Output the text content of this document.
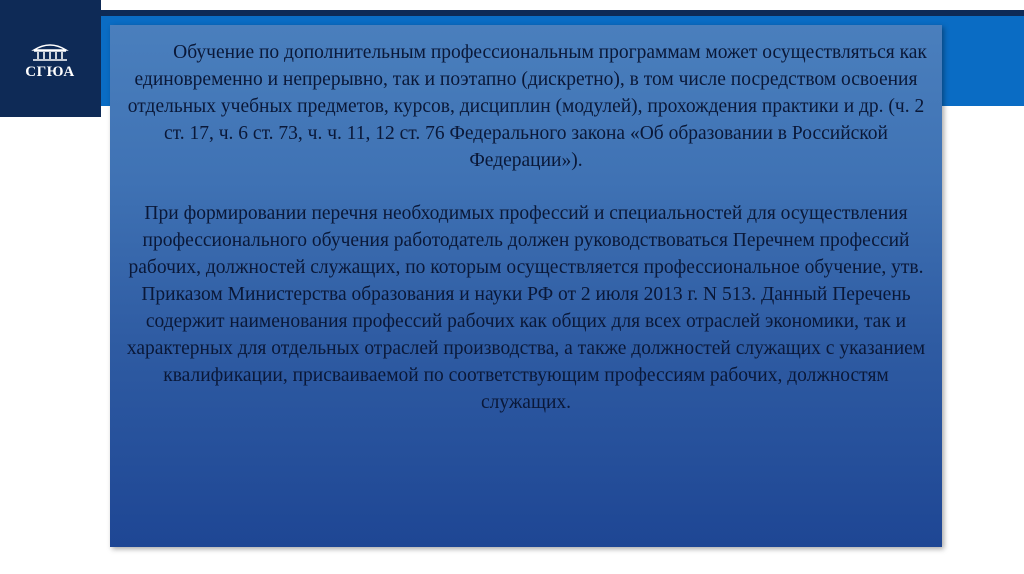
СГЮА

Обучение по дополнительным профессиональным программам может осуществляться как единовременно и непрерывно, так и поэтапно (дискретно), в том числе посредством освоения отдельных учебных предметов, курсов, дисциплин (модулей), прохождения практики и др. (ч. 2 ст. 17, ч. 6 ст. 73, ч. ч. 11, 12 ст. 76 Федерального закона «Об образовании в Российской Федерации»).

При формировании перечня необходимых профессий и специальностей для осуществления профессионального обучения работодатель должен руководствоваться Перечнем профессий рабочих, должностей служащих, по которым осуществляется профессиональное обучение, утв. Приказом Министерства образования и науки РФ от 2 июля 2013 г. N 513. Данный Перечень содержит наименования профессий рабочих как общих для всех отраслей экономики, так и характерных для отдельных отраслей производства, а также должностей служащих с указанием квалификации, присваиваемой по соответствующим профессиям рабочих, должностям служащих.
